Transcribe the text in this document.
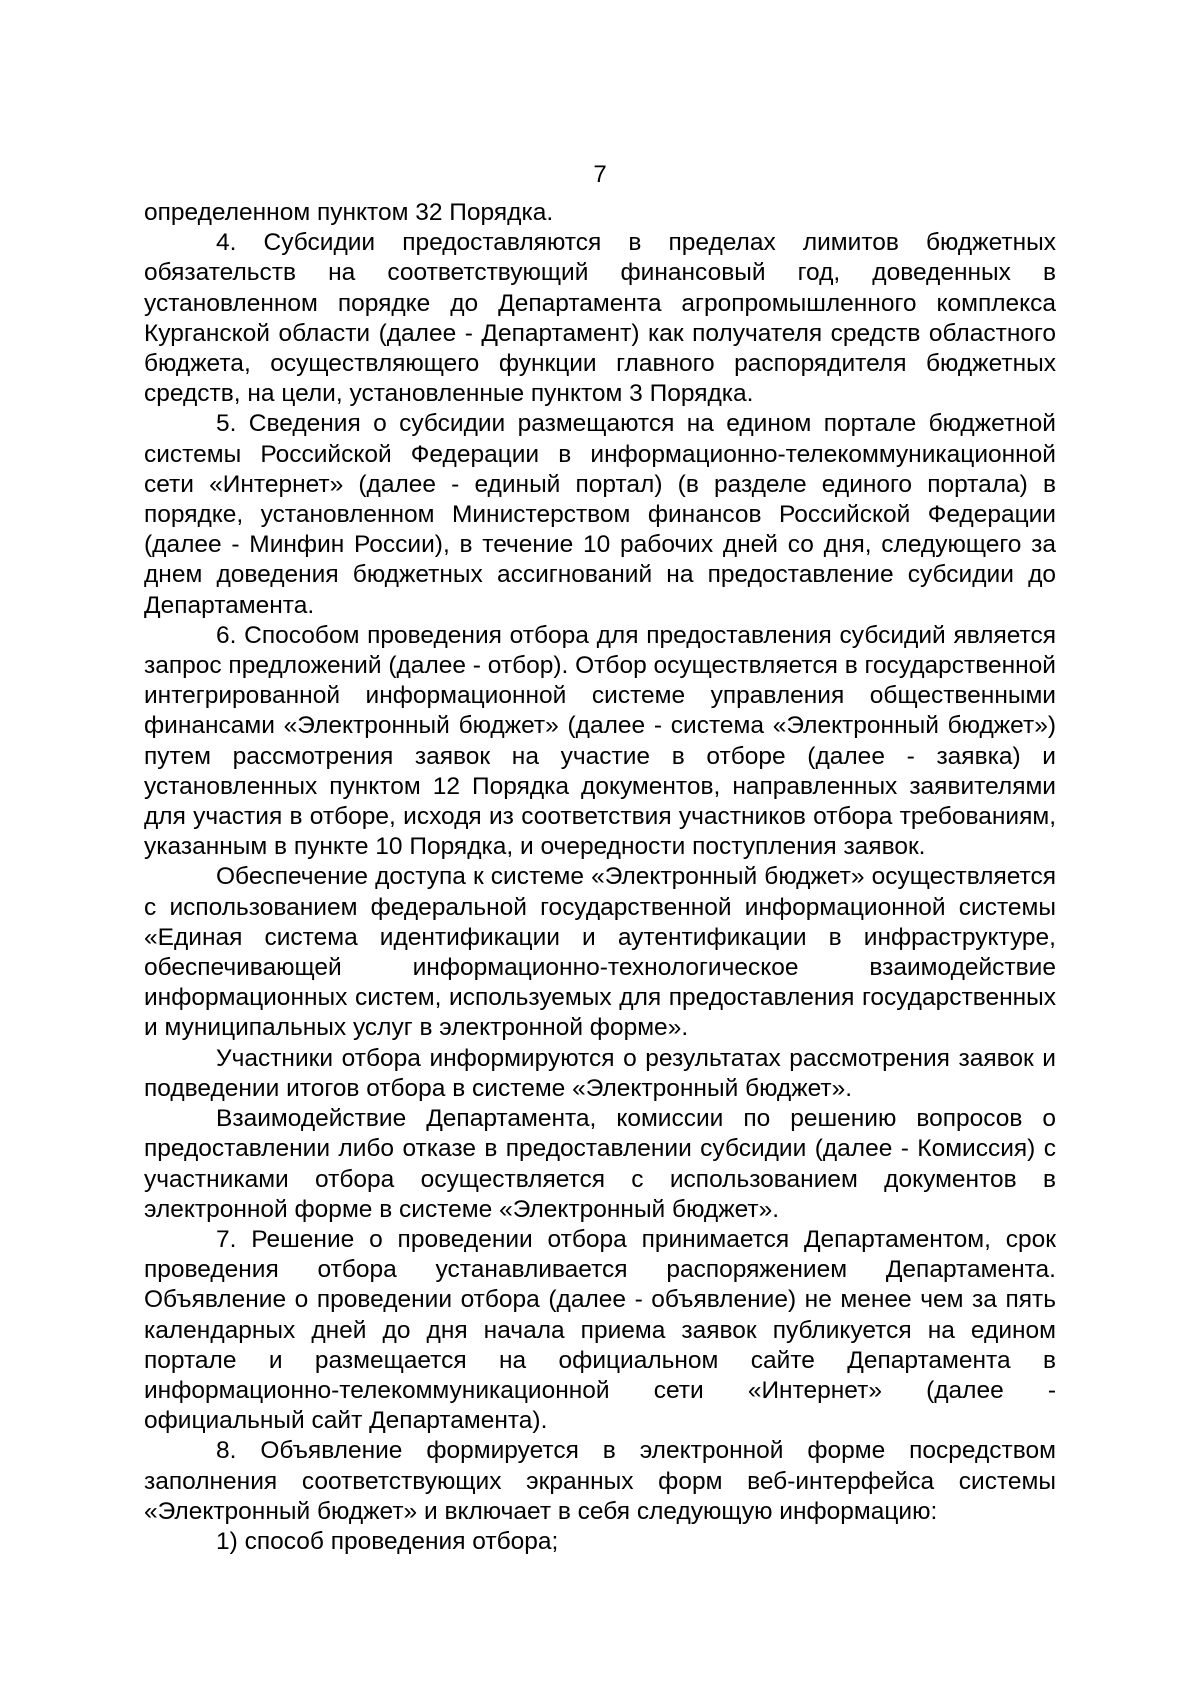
7

определенном пунктом 32 Порядка.

4. Субсидии предоставляются в пределах лимитов бюджетных обязательств на соответствующий финансовый год, доведенных в установленном порядке до Департамента агропромышленного комплекса Курганской области (далее - Департамент) как получателя средств областного бюджета, осуществляющего функции главного распорядителя бюджетных средств, на цели, установленные пунктом 3 Порядка.

5. Сведения о субсидии размещаются на едином портале бюджетной системы Российской Федерации в информационно-телекоммуникационной сети «Интернет» (далее - единый портал) (в разделе единого портала) в порядке, установленном Министерством финансов Российской Федерации (далее - Минфин России), в течение 10 рабочих дней со дня, следующего за днем доведения бюджетных ассигнований на предоставление субсидии до Департамента.

6. Способом проведения отбора для предоставления субсидий является запрос предложений (далее - отбор). Отбор осуществляется в государственной интегрированной информационной системе управления общественными финансами «Электронный бюджет» (далее - система «Электронный бюджет») путем рассмотрения заявок на участие в отборе (далее - заявка) и установленных пунктом 12 Порядка документов, направленных заявителями для участия в отборе, исходя из соответствия участников отбора требованиям, указанным в пункте 10 Порядка, и очередности поступления заявок.

Обеспечение доступа к системе «Электронный бюджет» осуществляется с использованием федеральной государственной информационной системы «Единая система идентификации и аутентификации в инфраструктуре, обеспечивающей информационно-технологическое взаимодействие информационных систем, используемых для предоставления государственных и муниципальных услуг в электронной форме».

Участники отбора информируются о результатах рассмотрения заявок и подведении итогов отбора в системе «Электронный бюджет».

Взаимодействие Департамента, комиссии по решению вопросов о предоставлении либо отказе в предоставлении субсидии (далее - Комиссия) с участниками отбора осуществляется с использованием документов в электронной форме в системе «Электронный бюджет».

7. Решение о проведении отбора принимается Департаментом, срок проведения отбора устанавливается распоряжением Департамента. Объявление о проведении отбора (далее - объявление) не менее чем за пять календарных дней до дня начала приема заявок публикуется на едином портале и размещается на официальном сайте Департамента в информационно-телекоммуникационной сети «Интернет» (далее - официальный сайт Департамента).

8. Объявление формируется в электронной форме посредством заполнения соответствующих экранных форм веб-интерфейса системы «Электронный бюджет» и включает в себя следующую информацию:

1) способ проведения отбора;
